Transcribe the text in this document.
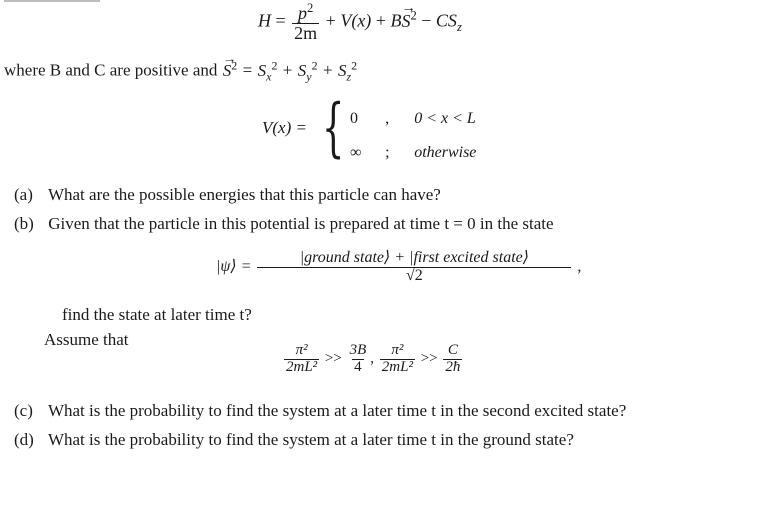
$H = \frac{p^2}{2m} + V(x) + B\to S^2 - CS_z$
where B and C are positive and → $S^2 = S_x^2 + S_y^2 + S_z^2$
V(x) = { 0 , 0 < x < L
∞ ; otherwise
(a) What are the possible energies that this particle can have?
(b) Given that the particle in this potential is prepared at time t = 0 in the state
|ψ⟩ = $\frac{\text{|ground state⟩ + |first excited state⟩}}{√2}$ ,
find the state at later time t?
Assume that
$\frac{\text{π²}}{\text{2mL²}} >> \frac{3B}{4}$ , $\frac{\text{π²}}{\text{2mL²}} >> \frac{C}{2ħ}$
(c) What is the probability to find the system at a later time t in the second excited state?
(d) What is the probability to find the system at a later time t in the ground state?
